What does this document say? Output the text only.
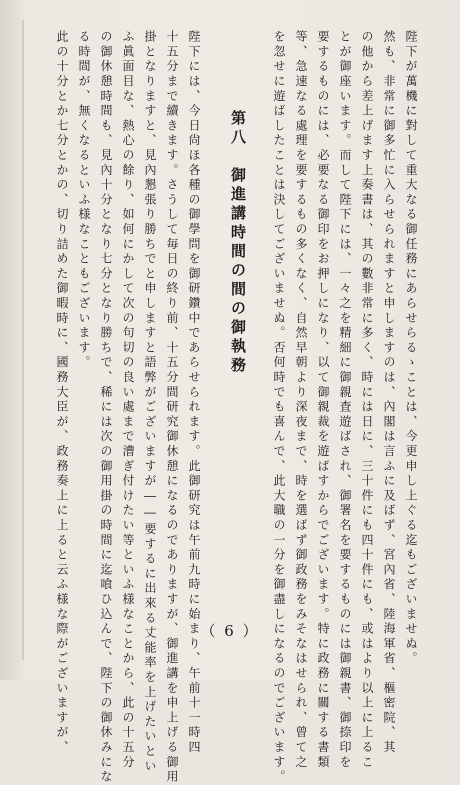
陛下が萬機に對して重大なる御任務にあらせらるゝことは、今更申し上ぐる迄もございませぬ。
然も、非常に御多忙に入らせられますと申しますのは、內閣は言ふに及ばず、宮內省、陸海軍省、樞密院、其
の他から差上げます上奏書は、其の數非常に多く、時には日に、三十件にも四十件にも、或はより以上に上るこ
とが御座います。而して陛下には、一々之を精細に御親査遊ばされ、御署名を要するものには御親書、御捺印を
要するものには、必要なる御印をお押しになり、以て御親裁を遊ばすからでございます。特に政務に關する書類
等、急速なる處理を要するもの多くなく、自然早朝より深夜まで、時を選ばず御政務をみそなはせられ、曾て之
を忽せに遊ばしたことは決してございませぬ。否何時でも喜んで、此大職の一分を御盡しになるのでございます。
第八　御進講時間の間の御執務
陛下には、今日尙ほ各種の御學問を御研鑽中であらせられます。此御研究は午前九時に始まり、午前十一時四
十五分まで續きます。さうして毎日の終り前、十五分間研究御休憩になるのでありますが、御進講を申上げる御用
掛となりますと、見內懇張り勝ちでと申しますと語弊がございますが――要するに出來る丈能率を上げたいとい
ふ眞面目な、熱心の餘り、如何にかして次の句切の良い處まで漕ぎ付けたい等といふ様なことから、此の十五分
の御休憩時間も、見內十分となり七分となり勝ちで、稀には次の御用掛の時間に迄喰ひ込んで、陛下の御休みにな
る時間が、無くなるといふ様なこともございます。
此の十分とか七分とかの、切り詰めた御暇時に、國務大臣が、政務奏上に上ると云ふ様な際がございますが、	（ 6 ）
